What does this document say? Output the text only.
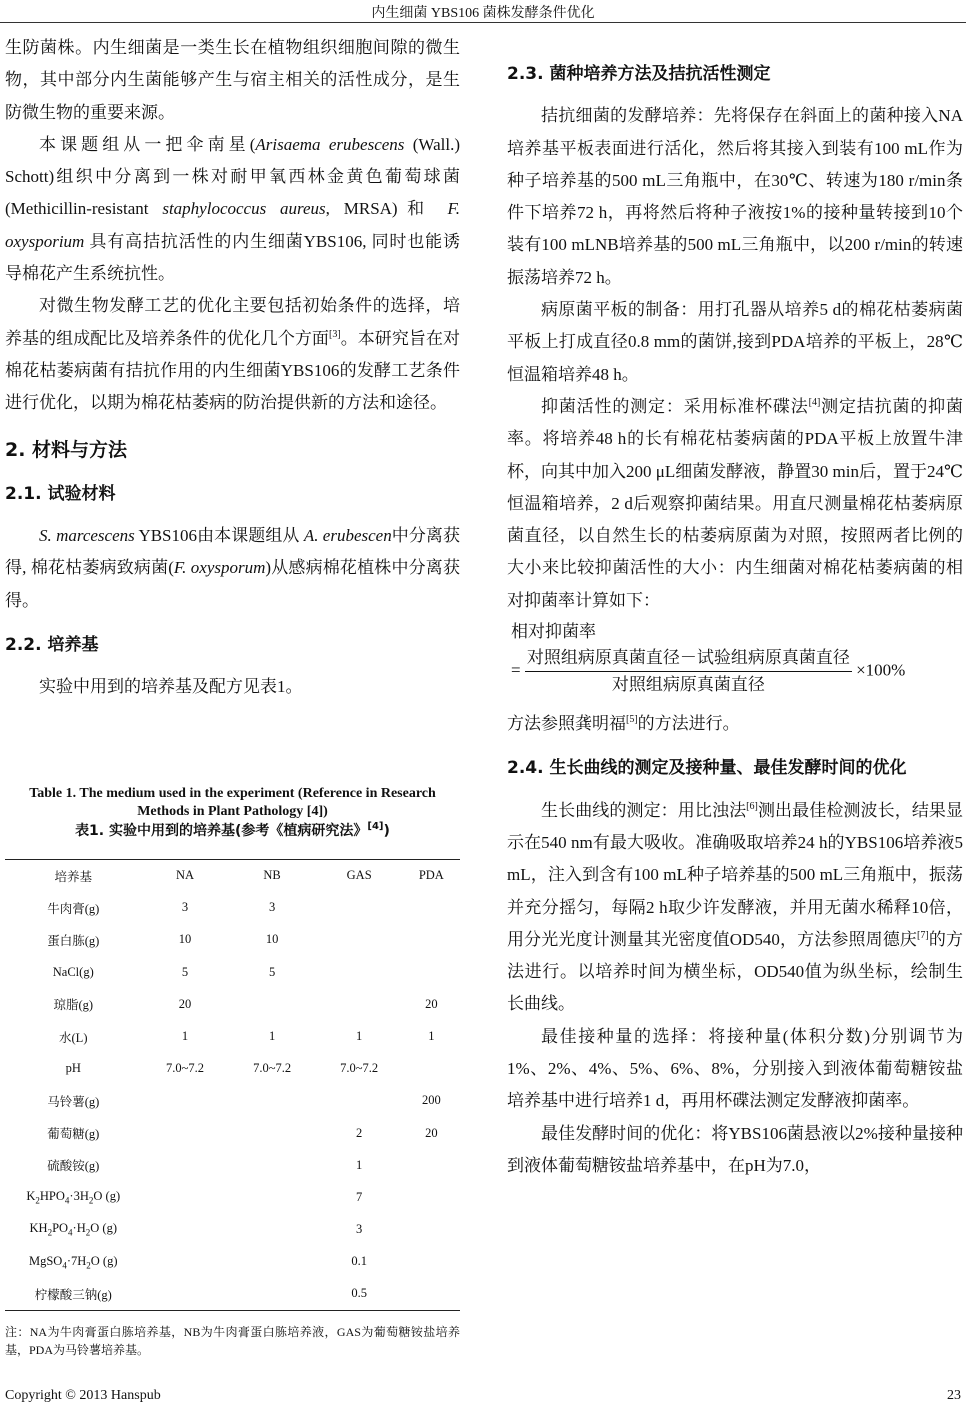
内生细菌 YBS106 菌株发酵条件优化

生防菌株。内生细菌是一类生长在植物组织细胞间隙的微生物，其中部分内生菌能够产生与宿主相关的活性成分，是生防微生物的重要来源。

本课题组从一把伞南星(Arisaema erubescens (Wall.) Schott)组织中分离到一株对耐甲氧西林金黄色葡萄球菌(Methicillin-resistant staphylococcus aureus, MRSA)和 F. oxysporium 具有高拮抗活性的内生细菌YBS106, 同时也能诱导棉花产生系统抗性。

对微生物发酵工艺的优化主要包括初始条件的选择，培养基的组成配比及培养条件的优化几个方面[3]。本研究旨在对棉花枯萎病菌有拮抗作用的内生细菌YBS106的发酵工艺条件进行优化，以期为棉花枯萎病的防治提供新的方法和途径。

2. 材料与方法
2.1. 试验材料

S. marcescens YBS106由本课题组从 A. erubescen中分离获得, 棉花枯萎病致病菌(F. oxysporum)从感病棉花植株中分离获得。

2.2. 培养基

实验中用到的培养基及配方见表1。

Table 1. The medium used in the experiment (Reference in Research Methods in Plant Pathology [4])
表1. 实验中用到的培养基(参考《植病研究法》[4])
培养基	NA	NB	GAS	PDA
牛肉膏(g)	3	3		
蛋白胨(g)	10	10		
NaCl(g)	5	5		
琼脂(g)	20			20
水(L)	1	1	1	1
pH	7.0~7.2	7.0~7.2	7.0~7.2	
马铃薯(g)				200
葡萄糖(g)			2	20
硫酸铵(g)			1	
$K_2HPO_4\cdot 3H_2O$ (g)			7	
$KH_2PO_4\cdot H_2O$ (g)			3	
$MgSO_4\cdot 7H_2O$ (g)			0.1	
柠檬酸三钠(g)			0.5	
注：NA为牛肉膏蛋白胨培养基，NB为牛肉膏蛋白胨培养液，GAS为葡萄糖铵盐培养基，PDA为马铃薯培养基。
2.3. 菌种培养方法及拮抗活性测定

拮抗细菌的发酵培养：先将保存在斜面上的菌种接入NA培养基平板表面进行活化，然后将其接入到装有100 mL作为种子培养基的500 mL三角瓶中，在30℃、转速为180 r/min条件下培养72 h，再将然后将种子液按1%的接种量转接到10个装有100 mLNB培养基的500 mL三角瓶中，以200 r/min的转速振荡培养72 h。

病原菌平板的制备：用打孔器从培养5 d的棉花枯萎病菌平板上打成直径0.8 mm的菌饼,接到PDA培养的平板上，28℃恒温箱培养48 h。

抑菌活性的测定：采用标准杯碟法[4]测定拮抗菌的抑菌率。将培养48 h的长有棉花枯萎病菌的PDA平板上放置牛津杯，向其中加入200 μL细菌发酵液，静置30 min后，置于24℃恒温箱培养，2 d后观察抑菌结果。用直尺测量棉花枯萎病原菌直径，以自然生长的枯萎病原菌为对照，按照两者比例的大小来比较抑菌活性的大小：内生细菌对棉花枯萎病菌的相对抑菌率计算如下：

相对抑菌率
= $\frac{\text{对照组病原真菌直径－试验组病原真菌直径}}{\text{对照组病原真菌直径}} \times 100\%$

方法参照龚明福[5]的方法进行。

2.4. 生长曲线的测定及接种量、最佳发酵时间的优化

生长曲线的测定：用比浊法[6]测出最佳检测波长，结果显示在540 nm有最大吸收。准确吸取培养24 h的YBS106培养液5 mL，注入到含有100 mL种子培养基的500 mL三角瓶中，振荡并充分摇匀，每隔2 h取少许发酵液，并用无菌水稀释10倍，用分光光度计测量其光密度值OD540，方法参照周德庆[7]的方法进行。以培养时间为横坐标，OD540值为纵坐标，绘制生长曲线。

最佳接种量的选择：将接种量(体积分数)分别调节为1%、2%、4%、5%、6%、8%，分别接入到液体葡萄糖铵盐培养基中进行培养1 d，再用杯碟法测定发酵液抑菌率。

最佳发酵时间的优化：将YBS106菌悬液以2%接种量接种到液体葡萄糖铵盐培养基中，在pH为7.0，

Copyright © 2013 Hanspub	23
